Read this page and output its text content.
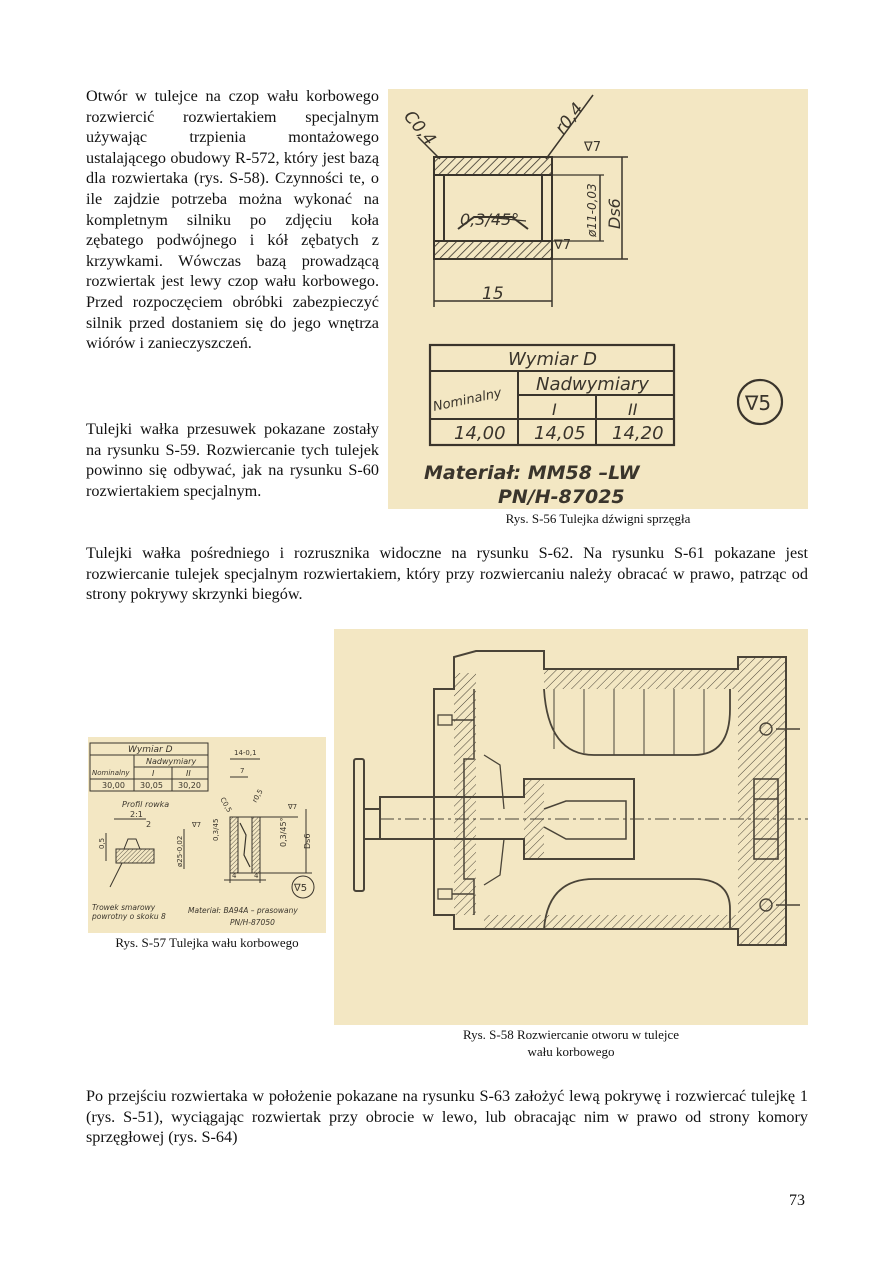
Otwór w tulejce na czop wału korbowego rozwiercić rozwiertakiem specjalnym używając trzpienia montażowego ustalającego obudowy R-572, który jest bazą dla rozwiertaka (rys. S-58). Czynności te, o ile zajdzie potrzeba można wykonać na kompletnym silniku po zdjęciu koła zębatego podwójnego i kół zębatych z krzywkami. Wówczas bazą prowadzącą rozwiertak jest lewy czop wału korbowego. Przed rozpoczęciem obróbki zabezpieczyć silnik przed dostaniem się do jego wnętrza wiórów i zanieczyszczeń.

Tulejki wałka przesuwek pokazane zostały na rysunku S-59. Rozwiercanie tych tulejek powinno się odbywać, jak na rysunku S-60 rozwiertakiem specjalnym.

C0,4	r0,4
∇7
∇7
0,3/45°	ø11-0,03 Ds6
15
Wymiar D
Nominalny
Nadwymiary
I	II
14,00 14,05 14,20
∇5
Materiał: MM58 –LW
PN/H-87025
Rys. S-56 Tulejka dźwigni sprzęgła

Tulejki wałka pośredniego i rozrusznika widoczne na rysunku S-62. Na rysunku S-61 pokazane jest rozwiercanie tulejek specjalnym rozwiertakiem, który przy rozwiercaniu należy obracać w prawo, patrząc od strony pokrywy skrzynki biegów.

Wymiar D
Nominalny
Nadwymiary
I	II
30,00 30,05 30,20
Profil rowka
2:1
2
0,5	ø25-0,02
∇7 0,3/45
14-0,1
7
C0,5
r0,5
∇7
0,3/45° Ds6
4	4
∇5
Trowek smarowy
powrotny o skoku 8
Materiał: BA94A – prasowany
PN/H-87050
Rys. S-57 Tulejka wału korbowego
Rys. S-58 Rozwiercanie otworu w tulejce
wału korbowego

Po przejściu rozwiertaka w położenie pokazane na rysunku S-63 założyć lewą pokrywę i rozwiercać tulejkę 1 (rys. S-51), wyciągając rozwiertak przy obrocie w lewo, lub obracając nim w prawo od strony komory sprzęgłowej (rys. S-64)

73
